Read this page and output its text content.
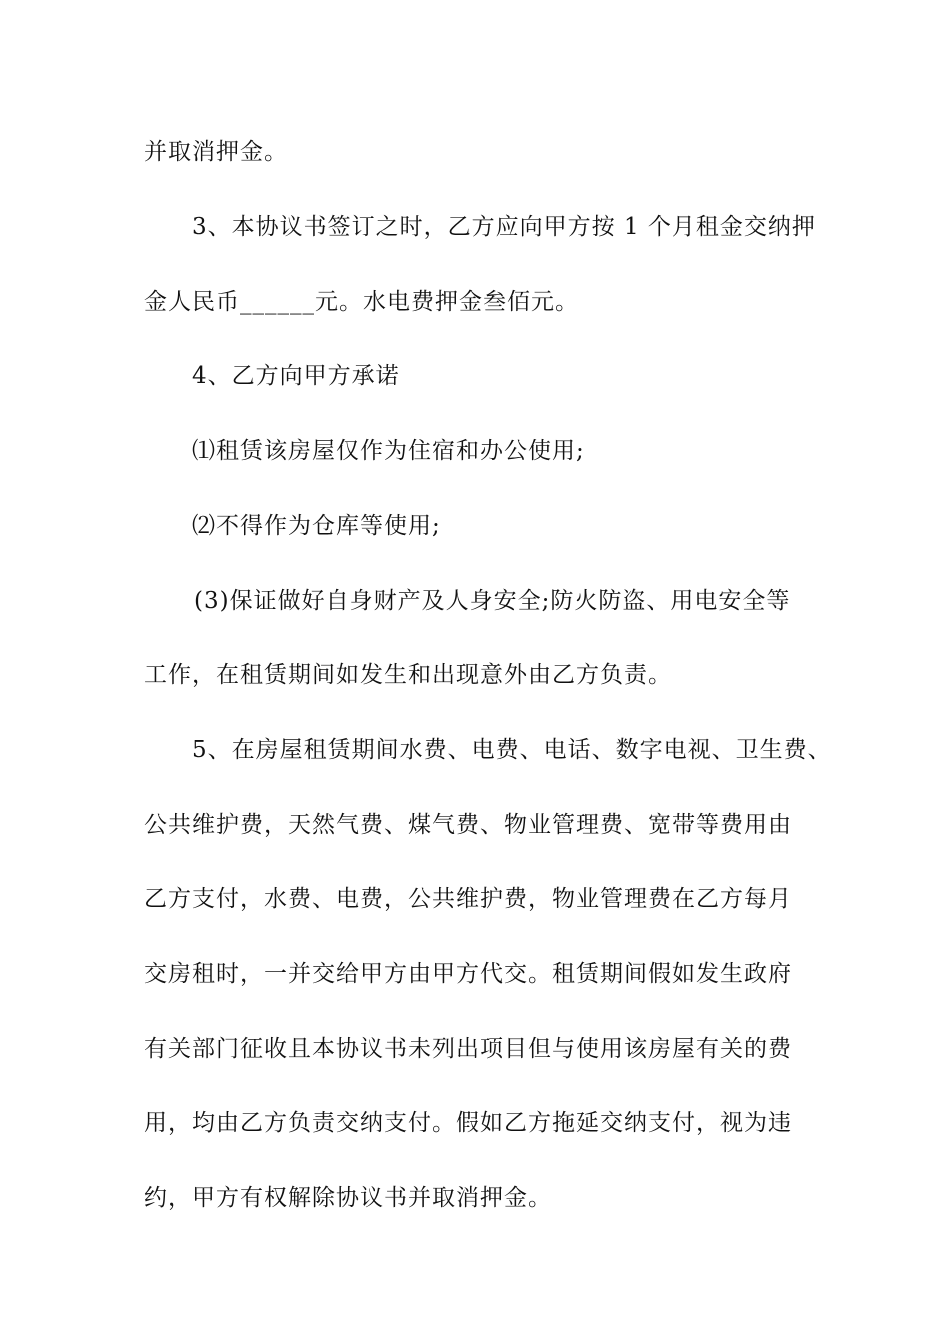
并取消押金。
3、本协议书签订之时，乙方应向甲方按 1 个月租金交纳押
金人民币______元。水电费押金叁佰元。
4、乙方向甲方承诺
⑴租赁该房屋仅作为住宿和办公使用;
⑵不得作为仓库等使用;
(3)保证做好自身财产及人身安全;防火防盗、用电安全等
工作，在租赁期间如发生和出现意外由乙方负责。
5、在房屋租赁期间水费、电费、电话、数字电视、卫生费、
公共维护费，天然气费、煤气费、物业管理费、宽带等费用由
乙方支付，水费、电费，公共维护费，物业管理费在乙方每月
交房租时，一并交给甲方由甲方代交。租赁期间假如发生政府
有关部门征收且本协议书未列出项目但与使用该房屋有关的费
用，均由乙方负责交纳支付。假如乙方拖延交纳支付，视为违
约，甲方有权解除协议书并取消押金。
